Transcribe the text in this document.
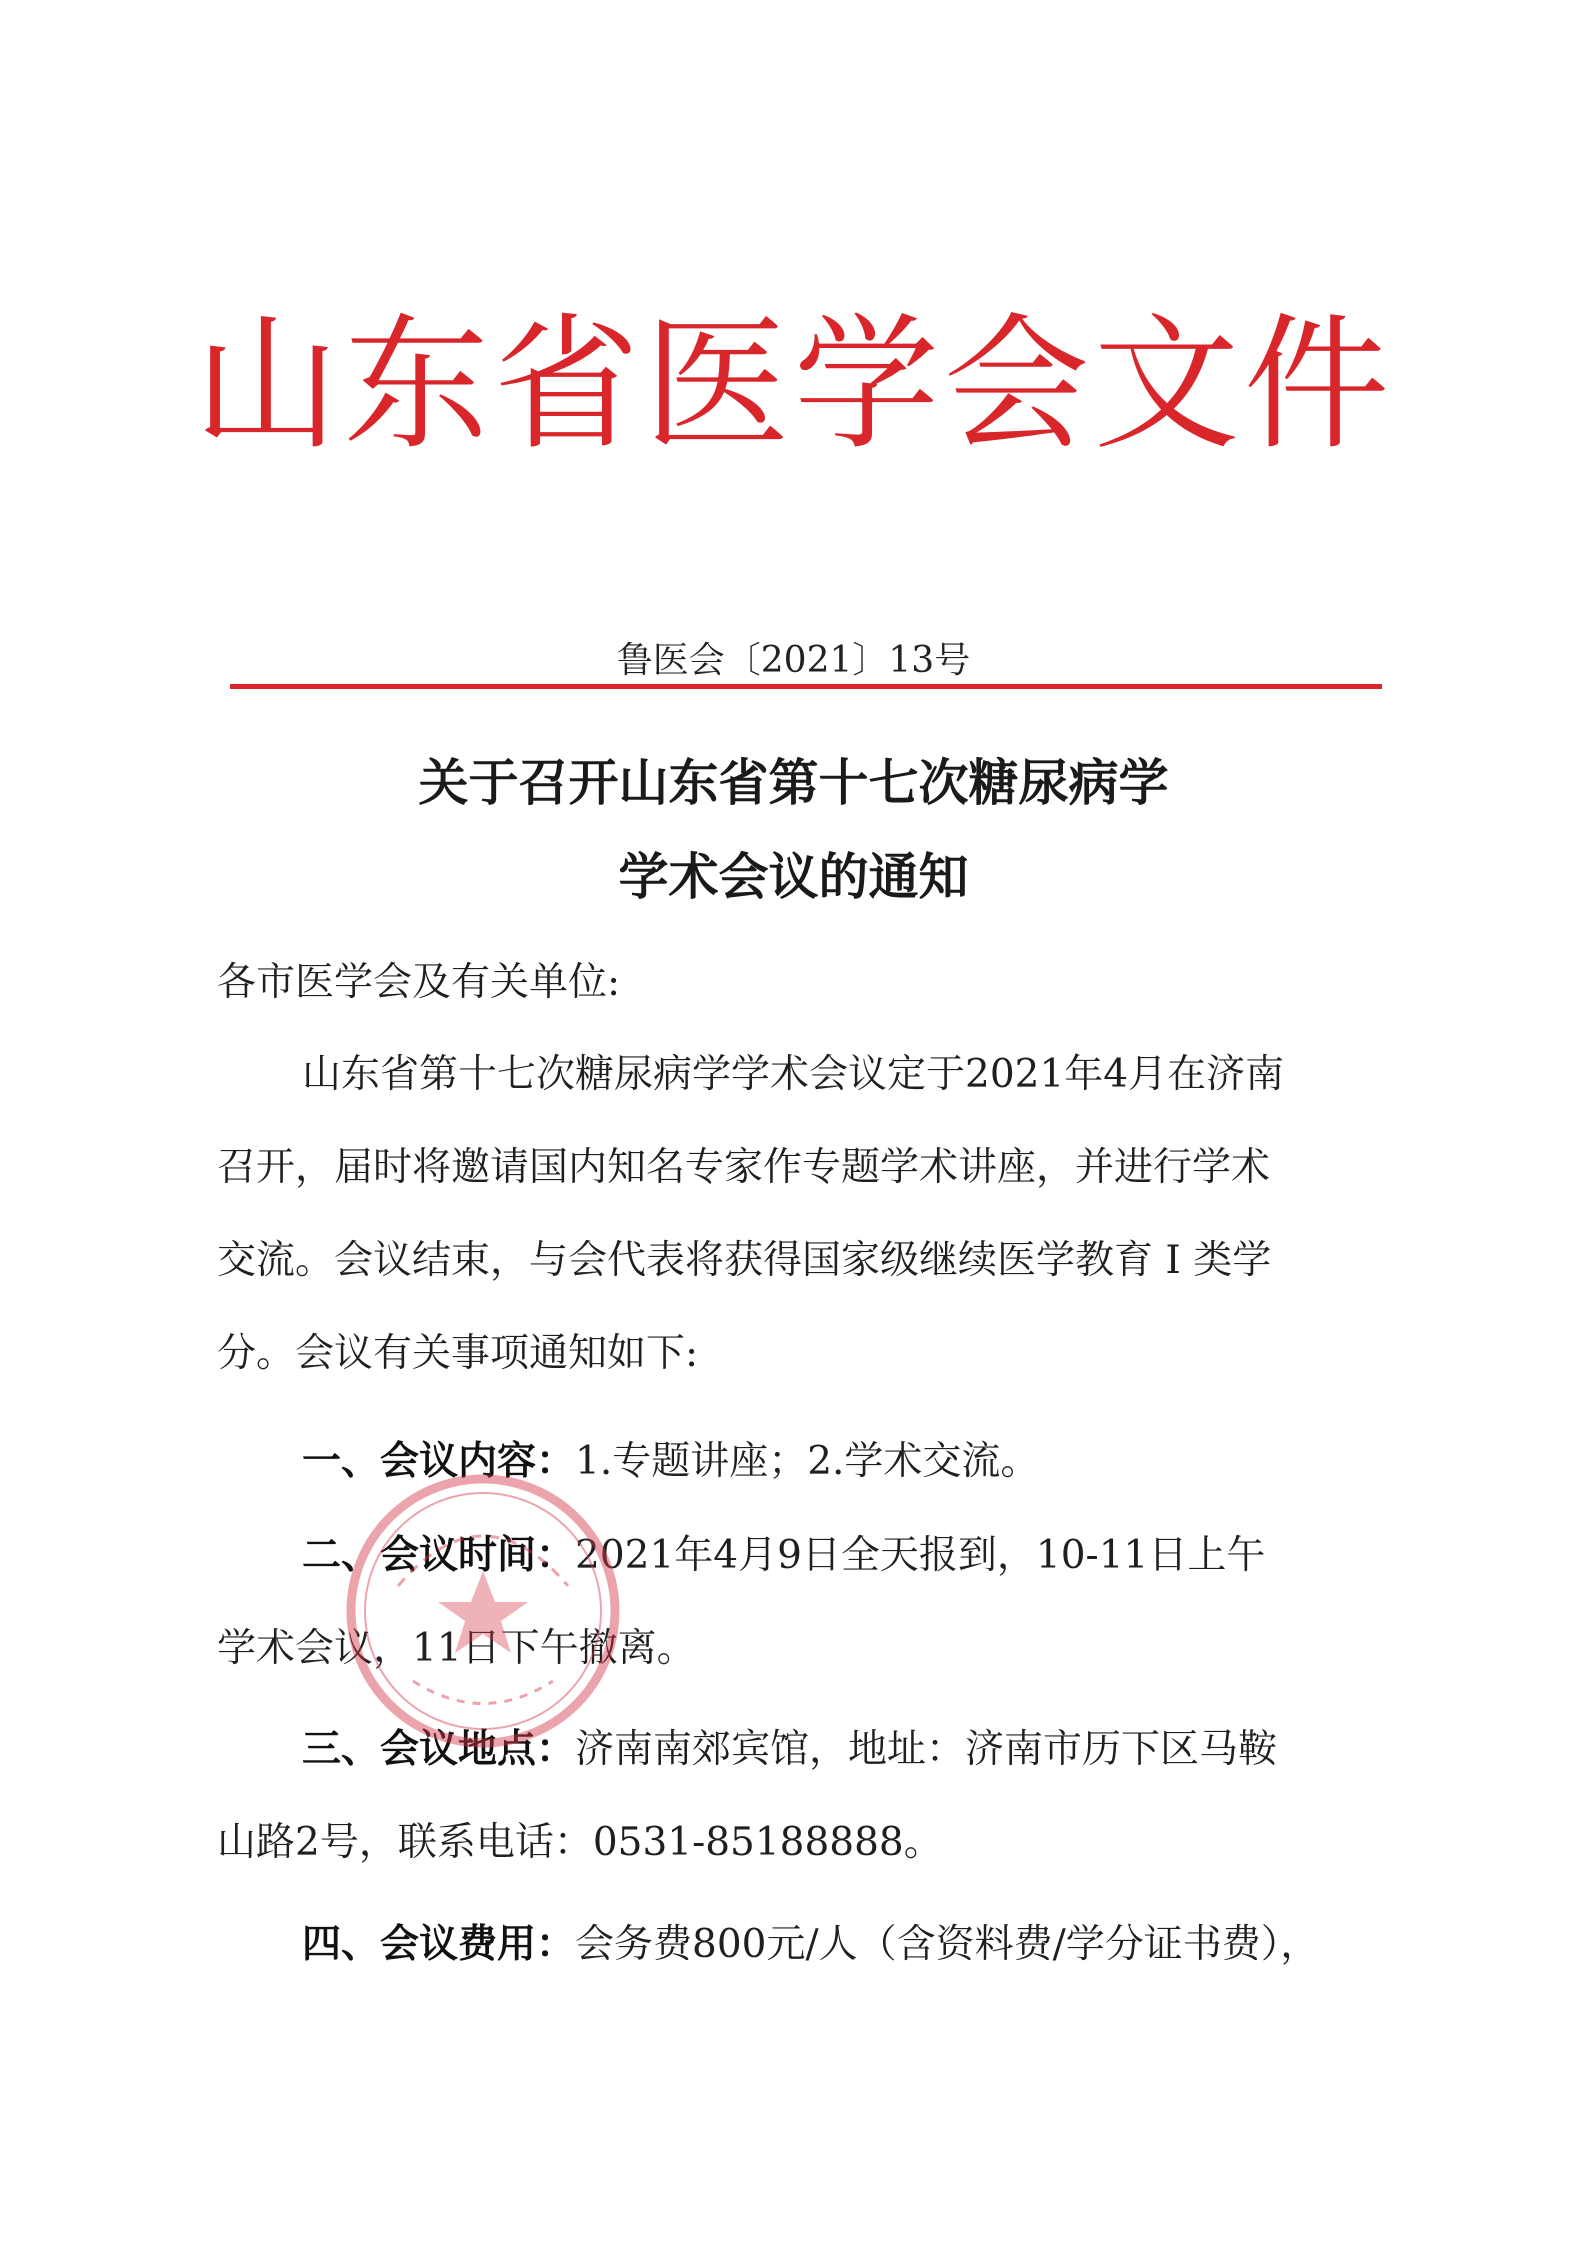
山东省医学会文件
鲁医会〔2021〕13号
关于召开山东省第十七次糖尿病学
学术会议的通知
各市医学会及有关单位:
山东省第十七次糖尿病学学术会议定于2021年4月在济南
召开，届时将邀请国内知名专家作专题学术讲座，并进行学术
交流。会议结束，与会代表将获得国家级继续医学教育 I 类学
分。会议有关事项通知如下:
一、会议内容：1.专题讲座；2.学术交流。
二、会议时间：2021年4月9日全天报到，10-11日上午
学术会议，11日下午撤离。
三、会议地点：济南南郊宾馆，地址：济南市历下区马鞍
山路2号，联系电话：0531-85188888。
四、会议费用：会务费800元/人（含资料费/学分证书费），
